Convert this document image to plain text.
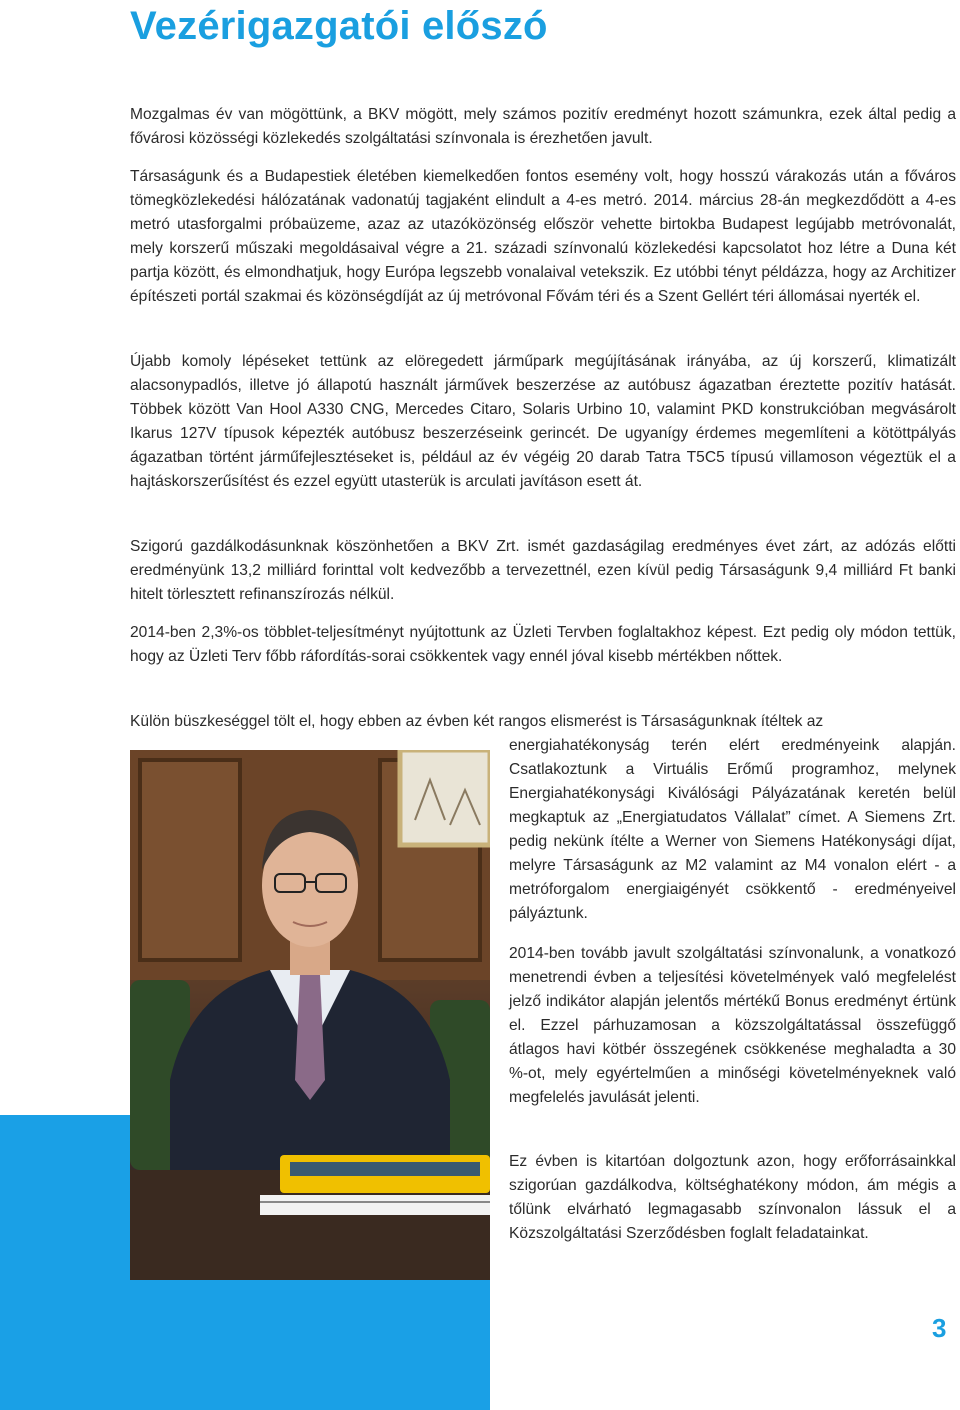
Vezérigazgatói előszó

Mozgalmas év van mögöttünk, a BKV mögött, mely számos pozitív eredményt hozott számunkra, ezek által pedig a fővárosi közösségi közlekedés szolgáltatási színvonala is érezhetően javult.

Társaságunk és a Budapestiek életében kiemelkedően fontos esemény volt, hogy hosszú várakozás után a főváros tömegközlekedési hálózatának vadonatúj tagjaként elindult a 4-es metró. 2014. március 28-án megkezdődött a 4-es metró utasforgalmi próbaüzeme, azaz az utazóközönség először vehette birtokba Budapest legújabb metróvonalát, mely korszerű műszaki megoldásaival végre a 21. századi színvonalú közlekedési kapcsolatot hoz létre a Duna két partja között, és elmondhatjuk, hogy Európa legszebb vonalaival vetekszik. Ez utóbbi tényt példázza, hogy az Architizer építészeti portál szakmai és közönségdíját az új metróvonal Fővám téri és a Szent Gellért téri állomásai nyerték el.

Újabb komoly lépéseket tettünk az elöregedett járműpark megújításának irányába, az új korszerű, klimatizált alacsonypadlós, illetve jó állapotú használt járművek beszerzése az autóbusz ágazatban éreztette pozitív hatását. Többek között Van Hool A330 CNG, Mercedes Citaro, Solaris Urbino 10, valamint PKD konstrukcióban megvásárolt Ikarus 127V típusok képezték autóbusz beszerzéseink gerincét. De ugyanígy érdemes megemlíteni a kötöttpályás ágazatban történt járműfejlesztéseket is, például az év végéig 20 darab Tatra T5C5 típusú villamoson végeztük el a hajtáskorszerűsítést és ezzel együtt utasterük is arculati javításon esett át.

Szigorú gazdálkodásunknak köszönhetően a BKV Zrt. ismét gazdaságilag eredményes évet zárt, az adózás előtti eredményünk 13,2 milliárd forinttal volt kedvezőbb a tervezettnél, ezen kívül pedig Társaságunk 9,4 milliárd Ft banki hitelt törlesztett refinanszírozás nélkül.

2014-ben 2,3%-os többlet-teljesítményt nyújtottunk az Üzleti Tervben foglaltakhoz képest. Ezt pedig oly módon tettük, hogy az Üzleti Terv főbb ráfordítás-sorai csökkentek vagy ennél jóval kisebb mértékben nőttek.

Külön büszkeséggel tölt el, hogy ebben az évben két rangos elismerést is Társaságunknak ítéltek az

energiahatékonyság terén elért eredményeink alapján. Csatlakoztunk a Virtuális Erőmű programhoz, melynek Energiahatékonysági Kiválósági Pályázatának keretén belül megkaptuk az „Energiatudatos Vállalat” címet. A Siemens Zrt. pedig nekünk ítélte a Werner von Siemens Hatékonysági díjat, melyre Társaságunk az M2 valamint az M4 vonalon elért - a metróforgalom energiaigényét csökkentő - eredményeivel pályáztunk.

2014-ben tovább javult szolgáltatási színvonalunk, a vonatkozó menetrendi évben a teljesítési követelmények való megfelelést jelző indikátor alapján jelentős mértékű Bonus eredményt értünk el. Ezzel párhuzamosan a közszolgáltatással összefüggő átlagos havi kötbér összegének csökkenése meghaladta a 30 %-ot, mely egyértelműen a minőségi követelményeknek való megfelelés javulását jelenti.

Ez évben is kitartóan dolgoztunk azon, hogy erőforrásainkkal szigorúan gazdálkodva, költséghatékony módon, ám mégis a tőlünk elvárható legmagasabb színvonalon lássuk el a Közszolgáltatási Szerződésben foglalt feladatainkat.

3
